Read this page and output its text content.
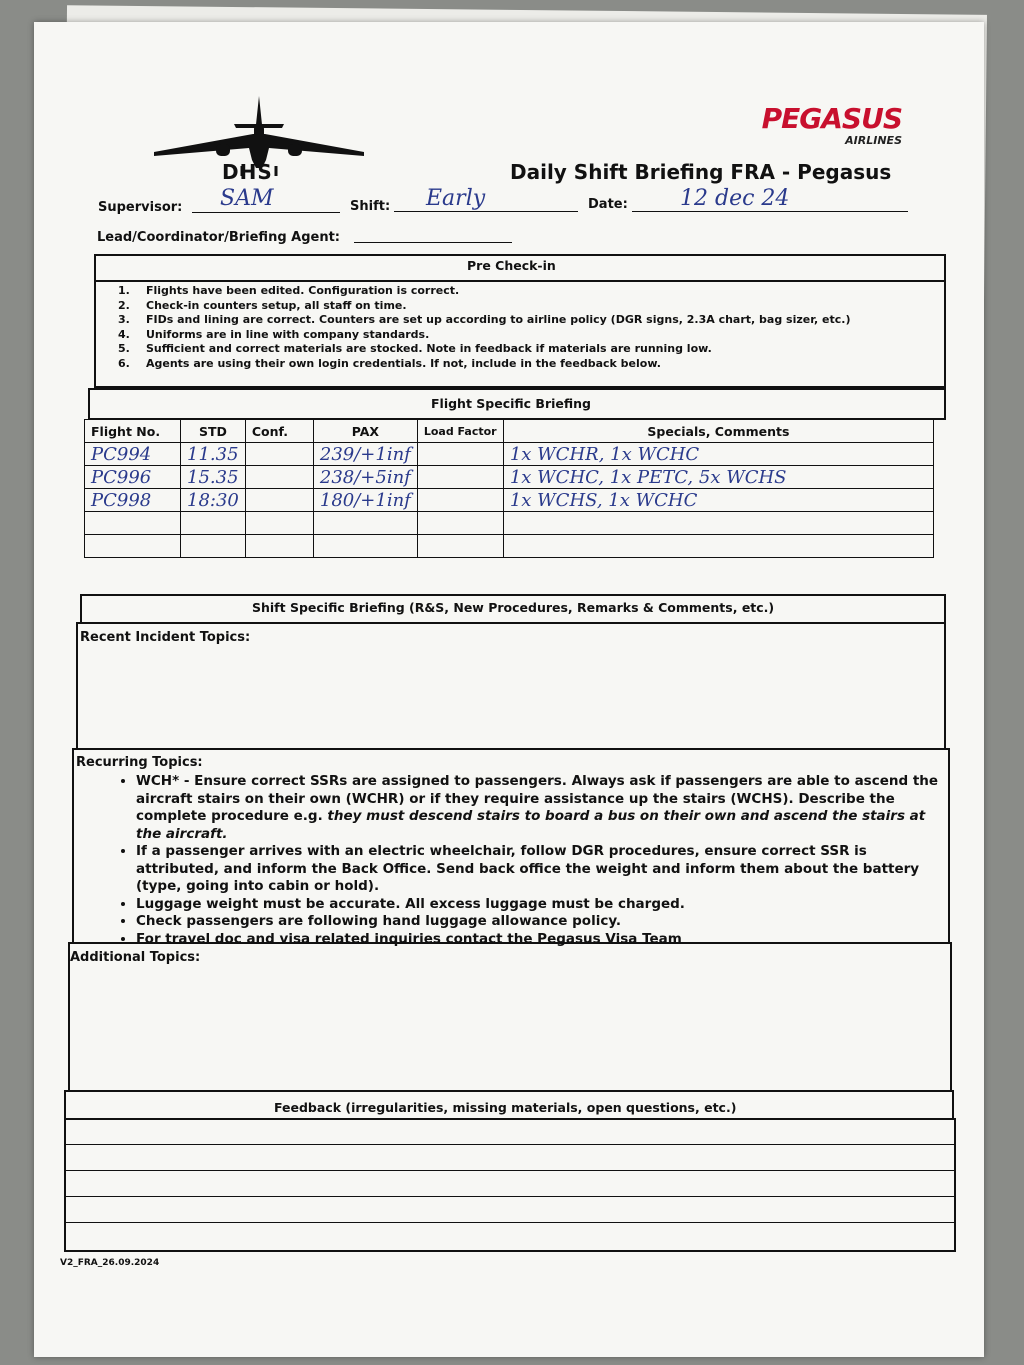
DHS
PEGASUS
AIRLINES
Daily Shift Briefing FRA - Pegasus
Supervisor: SAM	Shift: Early	Date: 12 dec 24
Lead/Coordinator/Briefing Agent:
Pre Check-in
1. Flights have been edited. Configuration is correct.
2. Check-in counters setup, all staff on time.
3. FIDs and lining are correct. Counters are set up according to airline policy (DGR signs, 2.3A chart, bag sizer, etc.)
4. Uniforms are in line with company standards.
5. Sufficient and correct materials are stocked. Note in feedback if materials are running low.
6. Agents are using their own login credentials. If not, include in the feedback below.
Flight Specific Briefing
Flight No.	STD	Conf.	PAX	Load Factor	Specials, Comments
PC994	11.35		239/+1inf		1x WCHR, 1x WCHC
PC996	15.35		238/+5inf		1x WCHC, 1x PETC, 5x WCHS
PC998	18:30		180/+1inf		1x WCHS, 1x WCHC

Shift Specific Briefing (R&S, New Procedures, Remarks & Comments, etc.)
Recent Incident Topics:
Recurring Topics:
• WCH* - Ensure correct SSRs are assigned to passengers. Always ask if passengers are able to ascend the aircraft stairs on their own (WCHR) or if they require assistance up the stairs (WCHS). Describe the complete procedure e.g. they must descend stairs to board a bus on their own and ascend the stairs at the aircraft.
• If a passenger arrives with an electric wheelchair, follow DGR procedures, ensure correct SSR is attributed, and inform the Back Office. Send back office the weight and inform them about the battery (type, going into cabin or hold).
• Luggage weight must be accurate. All excess luggage must be charged.
• Check passengers are following hand luggage allowance policy.
• For travel doc and visa related inquiries contact the Pegasus Visa Team
Additional Topics:
Feedback (irregularities, missing materials, open questions, etc.)
V2_FRA_26.09.2024
